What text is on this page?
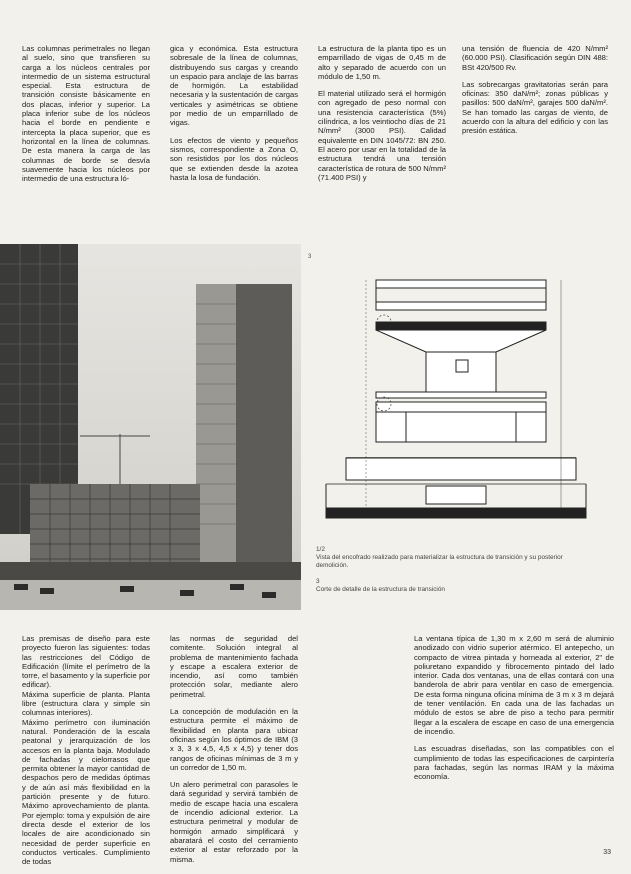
Las columnas perimetrales no llegan al suelo, sino que transfieren su carga a los núcleos centrales por intermedio de un sistema estructural especial. Esta estructura de transición consiste básicamente en dos placas, inferior y superior. La placa inferior sube de los núcleos hacia el borde en pendiente e intercepta la placa superior, que es horizontal en la línea de columnas. De esta manera la carga de las columnas de borde se desvía suavemente hacia los núcleos por intermedio de una estructura ló-

gica y económica. Esta estructura sobresale de la línea de columnas, distribuyendo sus cargas y creando un espacio para anclaje de las barras de hormigón. La estabilidad necesaria y la sustentación de cargas verticales y asimétricas se obtiene por medio de un emparrillado de vigas.

Los efectos de viento y pequeños sismos, correspondiente a Zona O, son resistidos por los dos núcleos que se extienden desde la azotea hasta la losa de fundación.

La estructura de la planta tipo es un emparrillado de vigas de 0,45 m de alto y separado de acuerdo con un módulo de 1,50 m.

El material utilizado será el hormigón con agregado de peso normal con una resistencia característica (5%) cilíndrica, a los veintiocho días de 21 N/mm² (3000 PSI). Calidad equivalente en DIN 1045/72: BN 250. El acero por usar en la totalidad de la estructura tendrá una tensión característica de rotura de 500 N/mm² (71.400 PSI) y

una tensión de fluencia de 420 N/mm² (60.000 PSI). Clasificación según DIN 488: BSt 420/500 Rv.

Las sobrecargas gravitatorias serán para oficinas: 350 daN/m²; zonas públicas y pasillos: 500 daN/m², garajes 500 daN/m². Se han tomado las cargas de viento, de acuerdo con la altura del edificio y con las presión estática.

3
1/2
Vista del encofrado realizado para materializar la estructura de transición y su posterior demolición.
3
Corte de detalle de la estructura de transición

Las premisas de diseño para este proyecto fueron las siguientes: todas las restricciones del Código de Edificación (límite el perímetro de la torre, el basamento y la superficie por edificar).

Máxima superficie de planta. Planta libre (estructura clara y simple sin columnas interiores).

Máximo perímetro con iluminación natural. Ponderación de la escala peatonal y jerarquización de los accesos en la planta baja. Modulado de fachadas y cielorrasos que permita obtener la mayor cantidad de despachos pero de medidas óptimas y de aún así más flexibilidad en la partición presente y de futuro. Máximo aprovechamiento de planta. Por ejemplo: toma y expulsión de aire directa desde el exterior de los locales de aire acondicionado sin necesidad de perder superficie en conductos verticales. Cumplimiento de todas

las normas de seguridad del comitente. Solución integral al problema de mantenimiento fachada y escape a escalera exterior de incendio, así como también protección solar, mediante alero perimetral.

La concepción de modulación en la estructura permite el máximo de flexibilidad en planta para ubicar oficinas según los óptimos de IBM (3 x 3, 3 x 4,5, 4,5 x 4,5) y tener dos rangos de oficinas mínimas de 3 m y un corredor de 1,50 m.

Un alero perimetral con parasoles le dará seguridad y servirá también de medio de escape hacia una escalera de incendio adicional exterior. La estructura perimetral y modular de hormigón armado simplificará y abaratará el costo del cerramiento exterior al estar reforzado por la misma.

La ventana típica de 1,30 m x 2,60 m será de aluminio anodizado con vidrio superior atérmico. El antepecho, un compacto de vitrea pintada y horneada al exterior, 2" de poliuretano expandido y fibrocemento pintado del lado interior. Cada dos ventanas, una de ellas contará con una banderola de abrir para ventilar en caso de emergencia. De esta forma ninguna oficina mínima de 3 m x 3 m dejará de tener ventilación. En cada una de las fachadas un módulo de estos se abre de piso a techo para permitir llegar a la escalera de escape en caso de una emergencia de incendio.

Las escuadras diseñadas, son las compatibles con el cumplimiento de todas las especificaciones de carpintería para fachadas, según las normas IRAM y la máxima economía.

33
